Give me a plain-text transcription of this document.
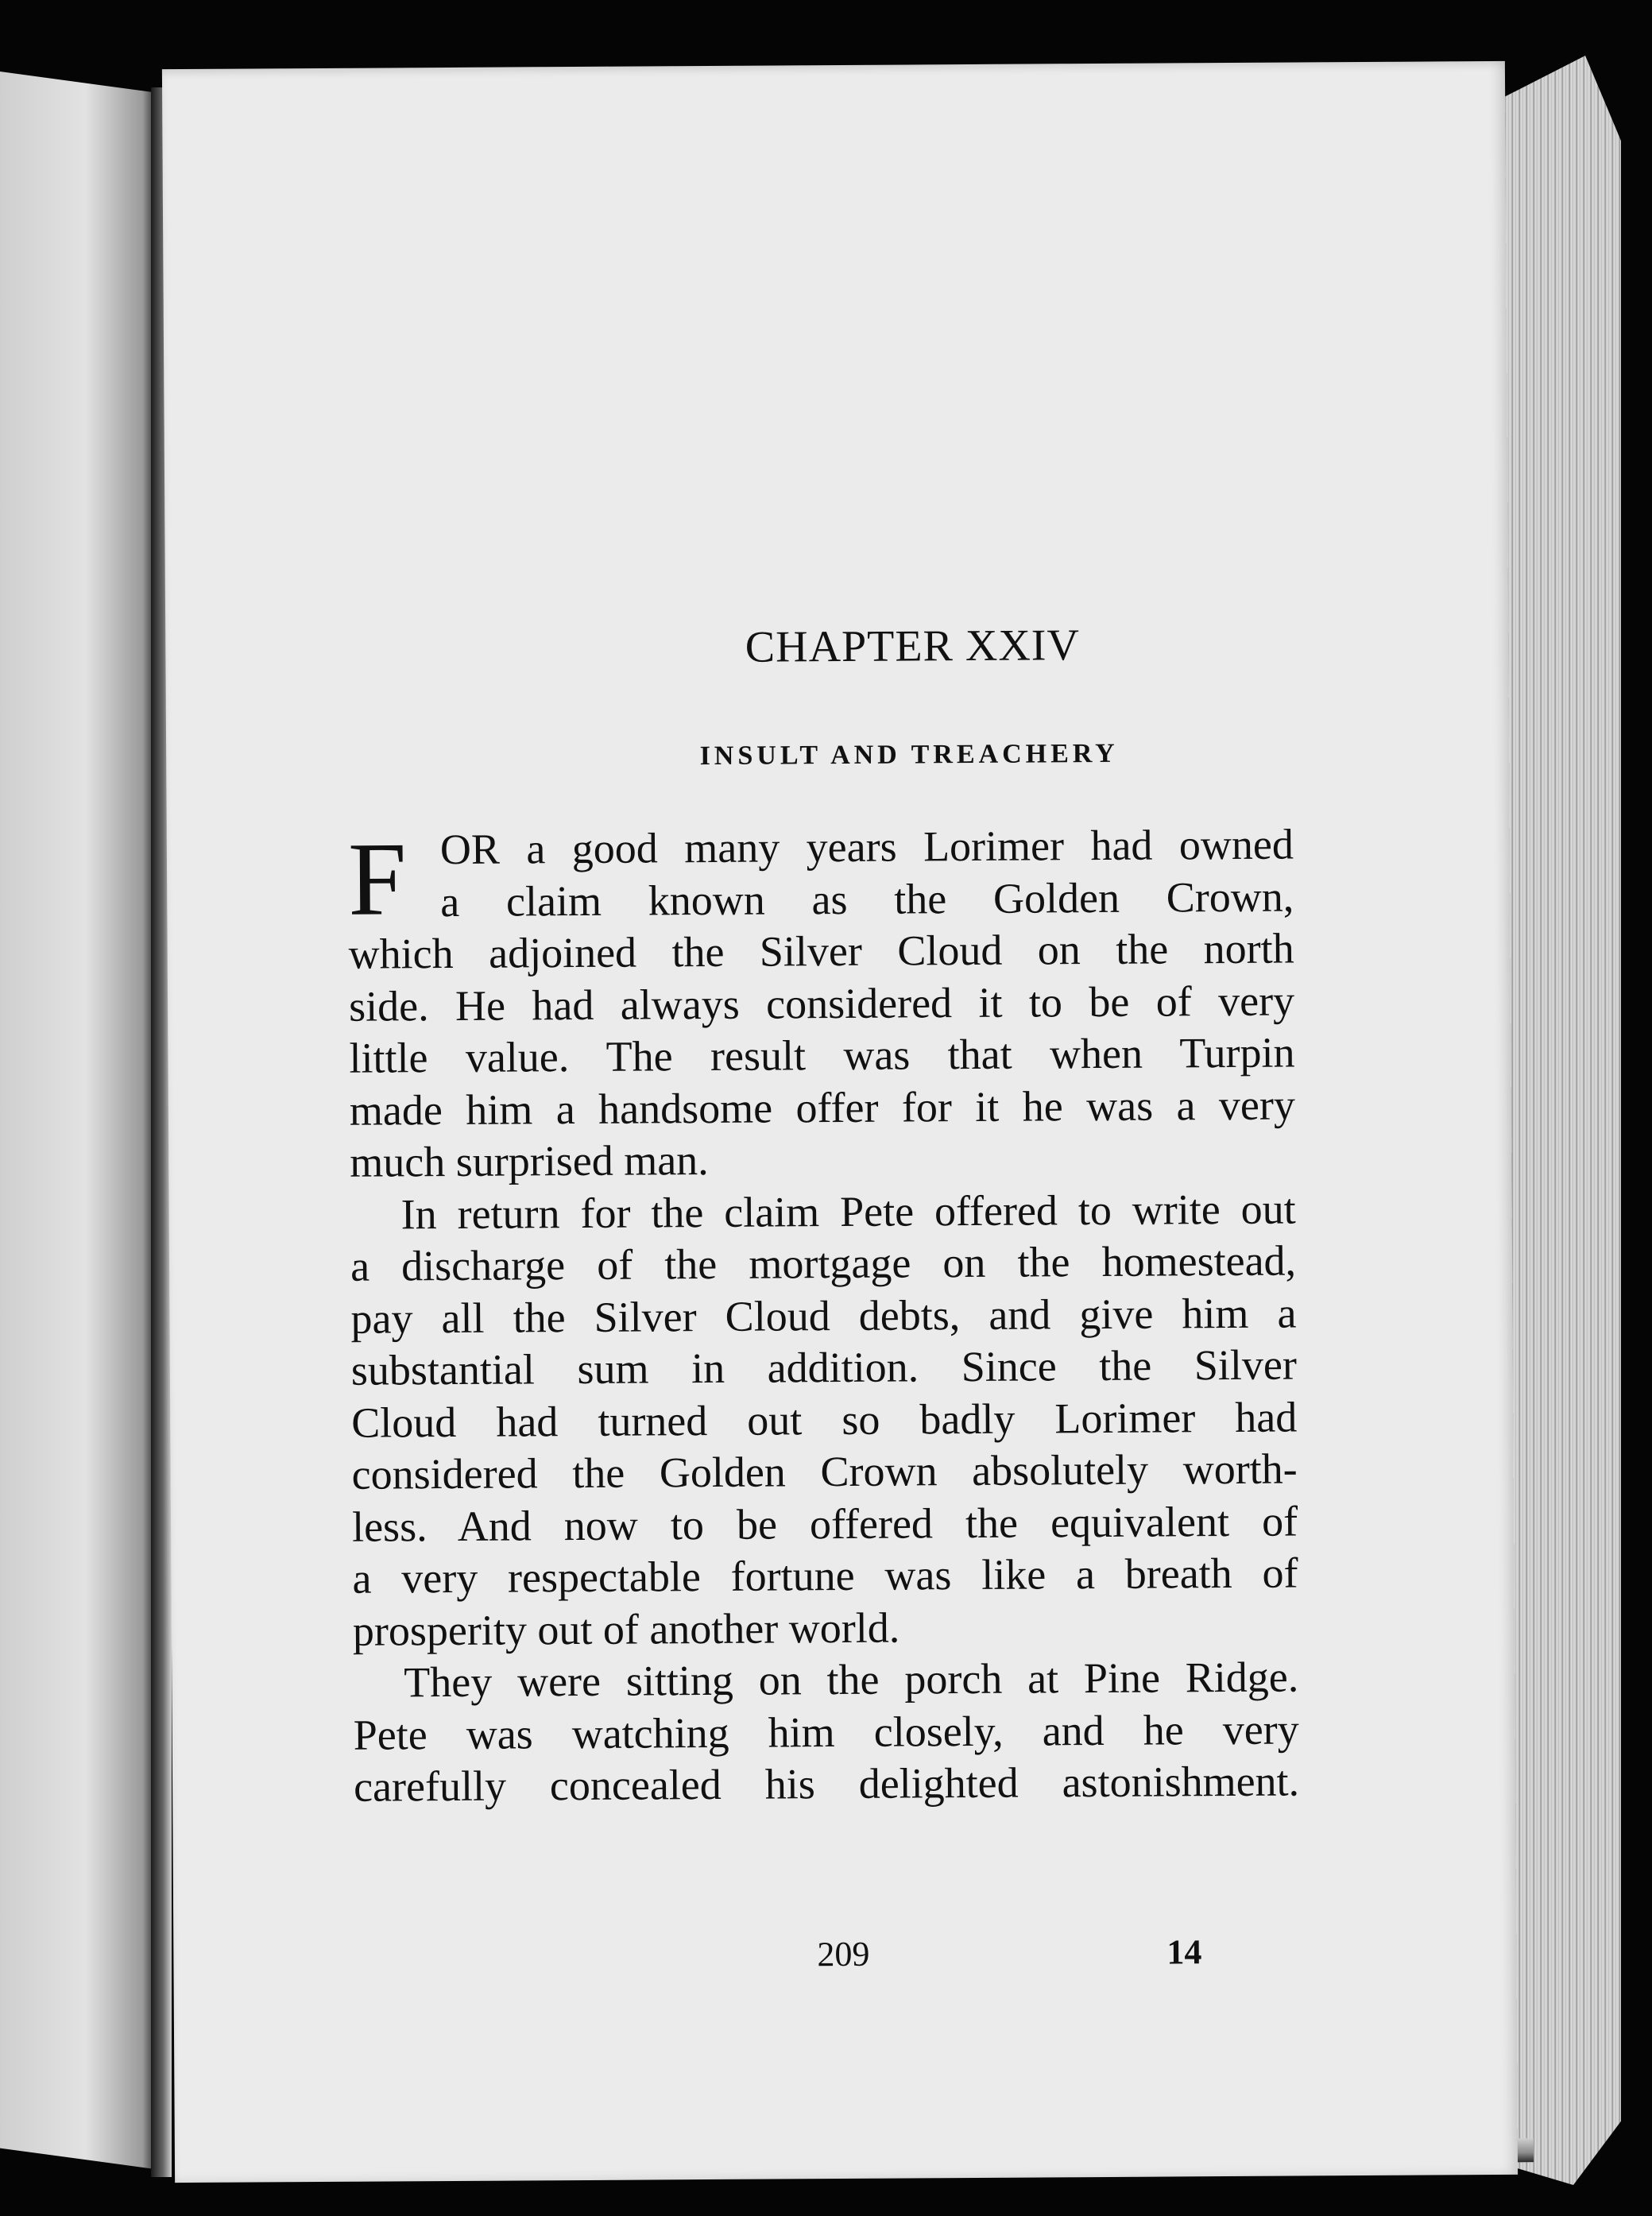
CHAPTER XXIV
INSULT AND TREACHERY
F OR a good many years Lorimer had owned
a claim known as the Golden Crown,
which adjoined the Silver Cloud on the north
side. He had always considered it to be of very
little value. The result was that when Turpin
made him a handsome offer for it he was a very
much surprised man.
In return for the claim Pete offered to write out
a discharge of the mortgage on the homestead,
pay all the Silver Cloud debts, and give him a
substantial sum in addition. Since the Silver
Cloud had turned out so badly Lorimer had
considered the Golden Crown absolutely worth-
less. And now to be offered the equivalent of
a very respectable fortune was like a breath of
prosperity out of another world.
They were sitting on the porch at Pine Ridge.
Pete was watching him closely, and he very
carefully concealed his delighted astonishment.
209	14
